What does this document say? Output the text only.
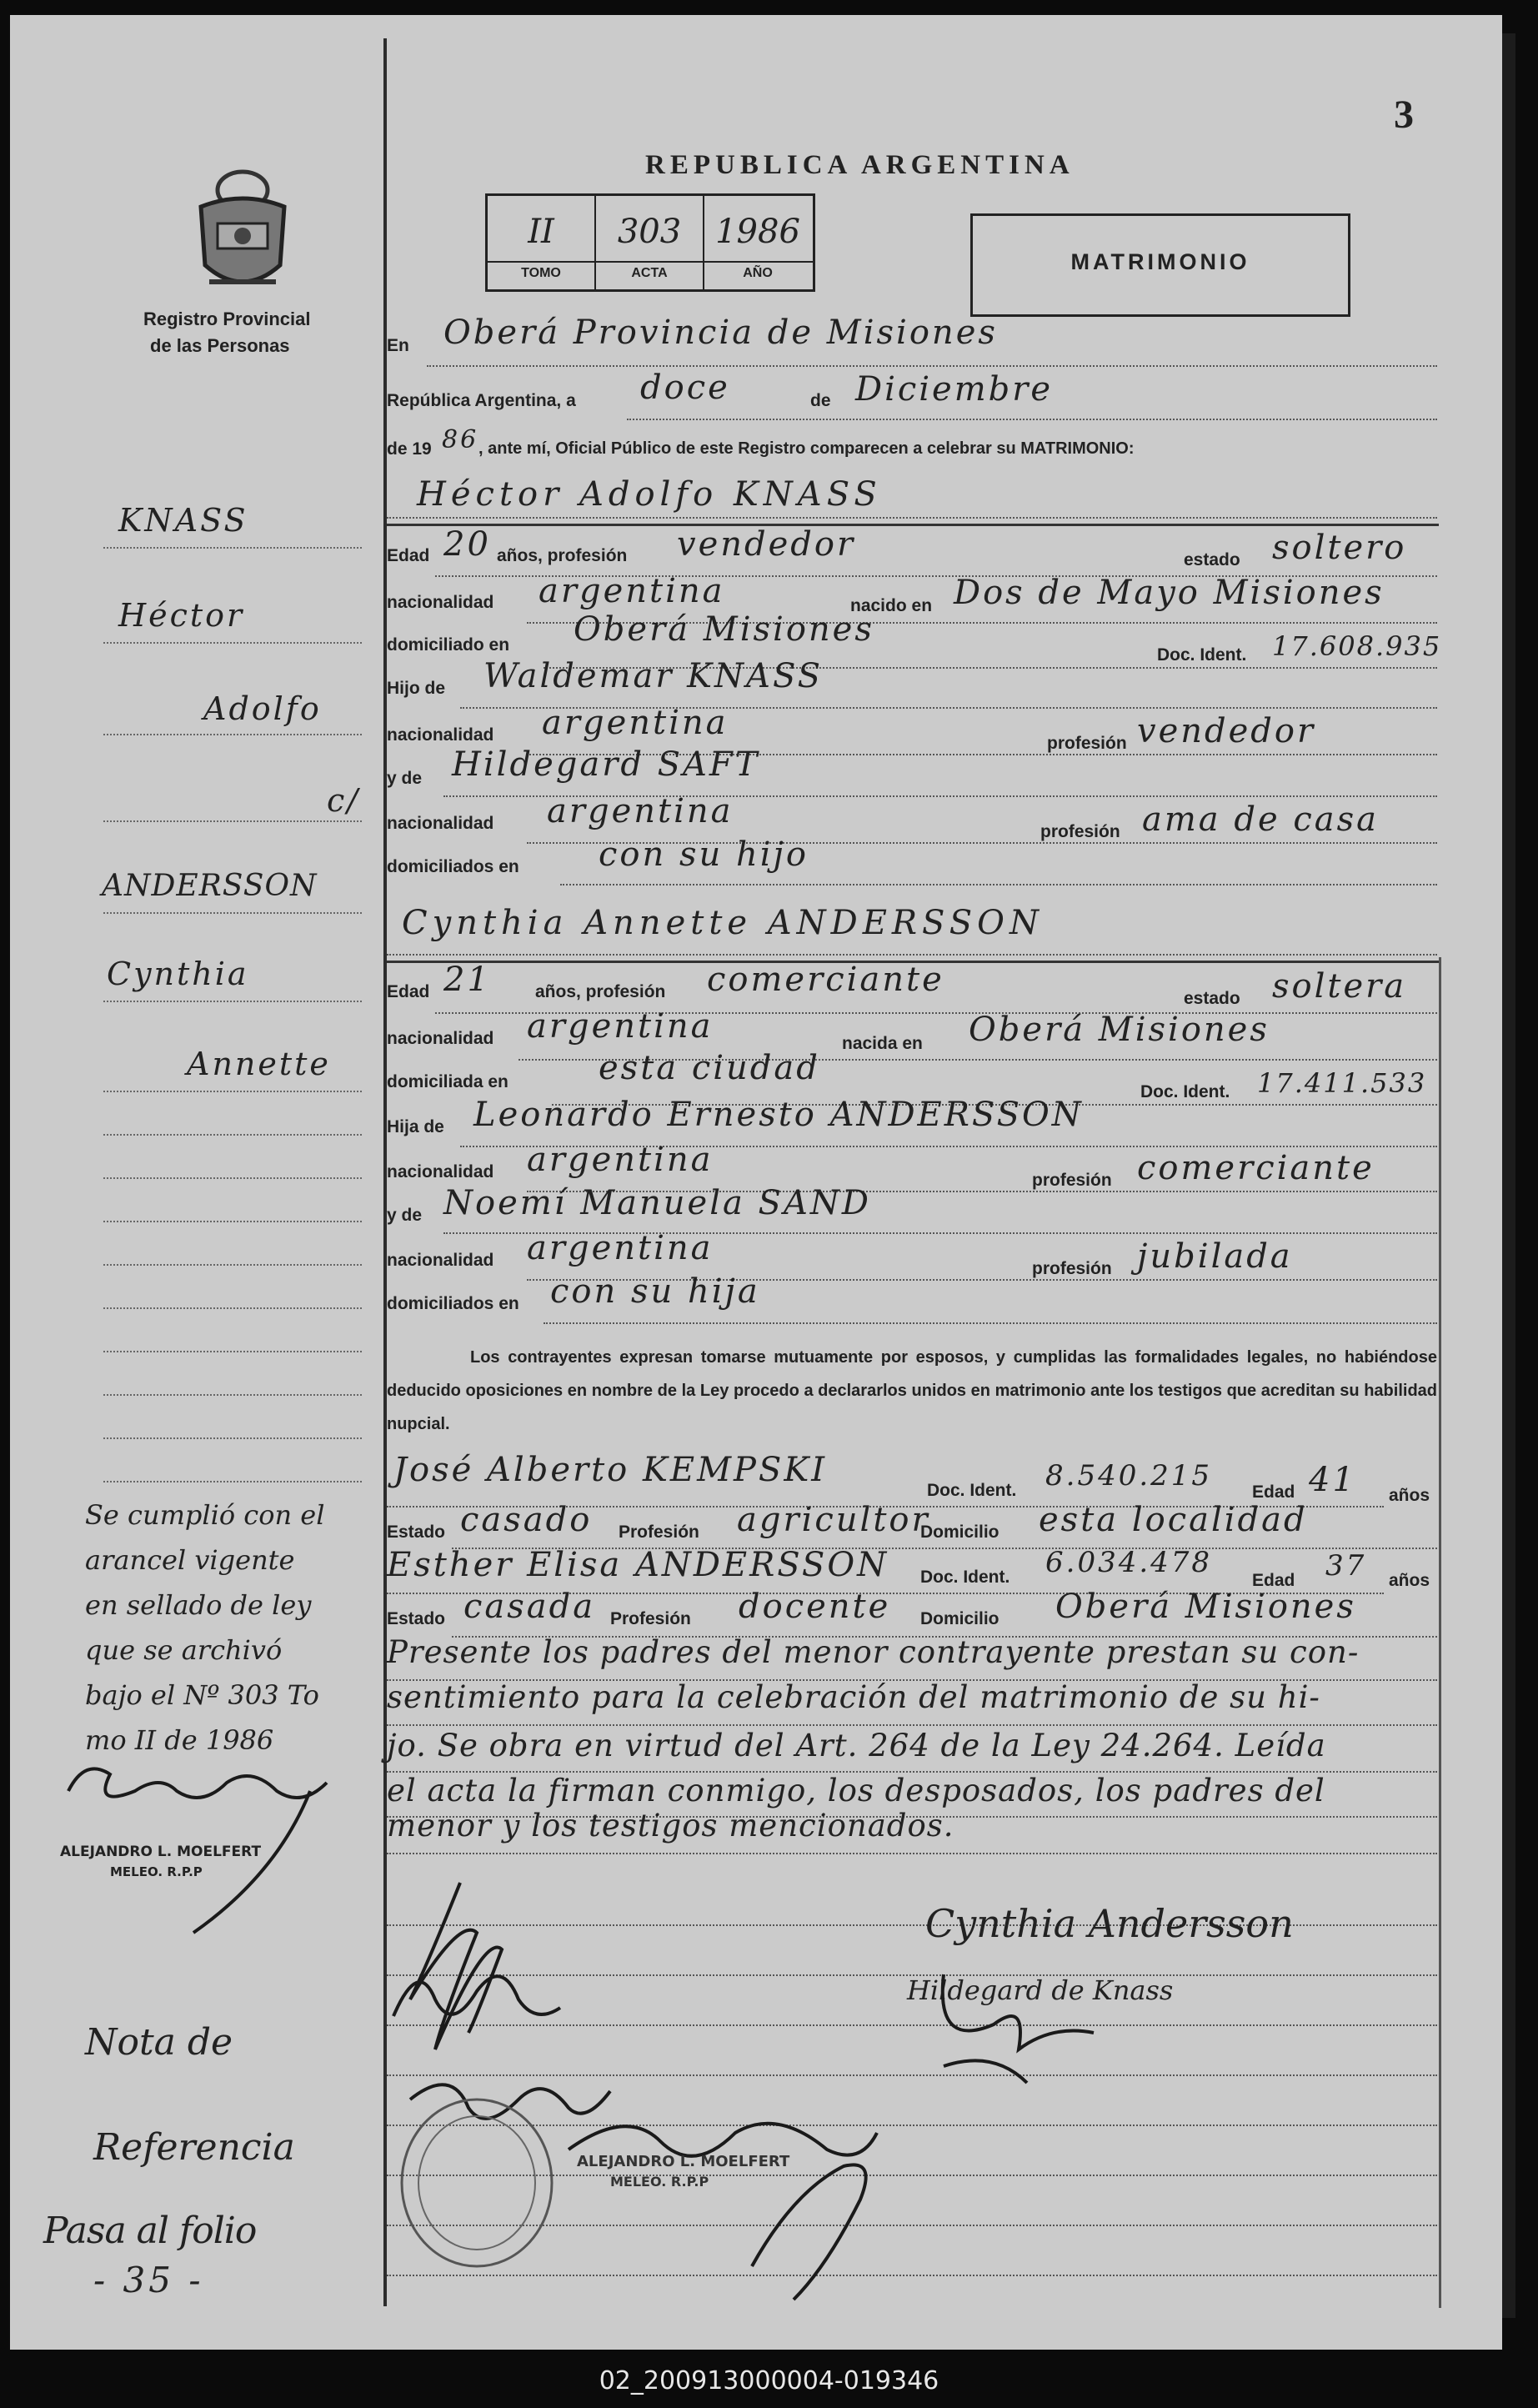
3
Registro Provincial
de las Personas
REPUBLICA ARGENTINA
II	303	1986
TOMO	ACTA	AÑO	MATRIMONIO
En Oberá Provincia de Misiones
República Argentina, a doce	de Diciembre
de 19 86 , ante mí, Oficial Público de este Registro comparecen a celebrar su MATRIMONIO:
Héctor Adolfo KNASS
Edad 20 años, profesión vendedor	estado soltero
nacionalidad argentina	nacido en Dos de Mayo Misiones
domiciliado en Oberá Misiones
Doc. Ident. 17.608.935
Hijo de Waldemar KNASS
nacionalidad argentina
profesión vendedor
y de Hildegard SAFT
nacionalidad argentina
profesión ama de casa
domiciliados en con su hijo
Cynthia Annette ANDERSSON
Edad 21	años, profesión comerciante	estado soltera
nacionalidad argentina	nacida en Oberá Misiones
domiciliada en	esta ciudad
Doc. Ident. 17.411.533
Hija de Leonardo Ernesto ANDERSSON
nacionalidad argentina
profesión comerciante
y de Noemí Manuela SAND
nacionalidad argentina
profesión jubilada
domiciliados en con su hija
Los contrayentes expresan tomarse mutuamente por esposos, y cumplidas las formalidades legales, no habiéndose deducido oposiciones en nombre de la Ley procedo a declararlos unidos en matrimonio ante los testigos que acreditan su habilidad nupcial.
José Alberto KEMPSKI
Doc. Ident. 8.540.215 Edad 41 años
Estado casado Profesión agricultor
Domicilio esta localidad
Esther Elisa ANDERSSON Doc. Ident. 6.034.478
Edad 37 años
Estado casada Profesión docente Domicilio Oberá Misiones
Presente los padres del menor contrayente prestan su con-
sentimiento para la celebración del matrimonio de su hi-
jo. Se obra en virtud del Art. 264 de la Ley 24.264. Leída
el acta la firman conmigo, los desposados, los padres del
menor y los testigos mencionados.
Cynthia Andersson
Hildegard de Knass
ALEJANDRO L. MOELFERT
MELEO. R.P.P
KNASS
Héctor
Adolfo
c/
ANDERSSON
Cynthia
Annette
Se cumplió con el
arancel vigente
en sellado de ley
que se archivó
bajo el Nº 303 To
mo II de 1986
ALEJANDRO L. MOELFERT
MELEO. R.P.P
Nota de
Referencia
Pasa al folio
- 35 -
02_200913000004-019346
